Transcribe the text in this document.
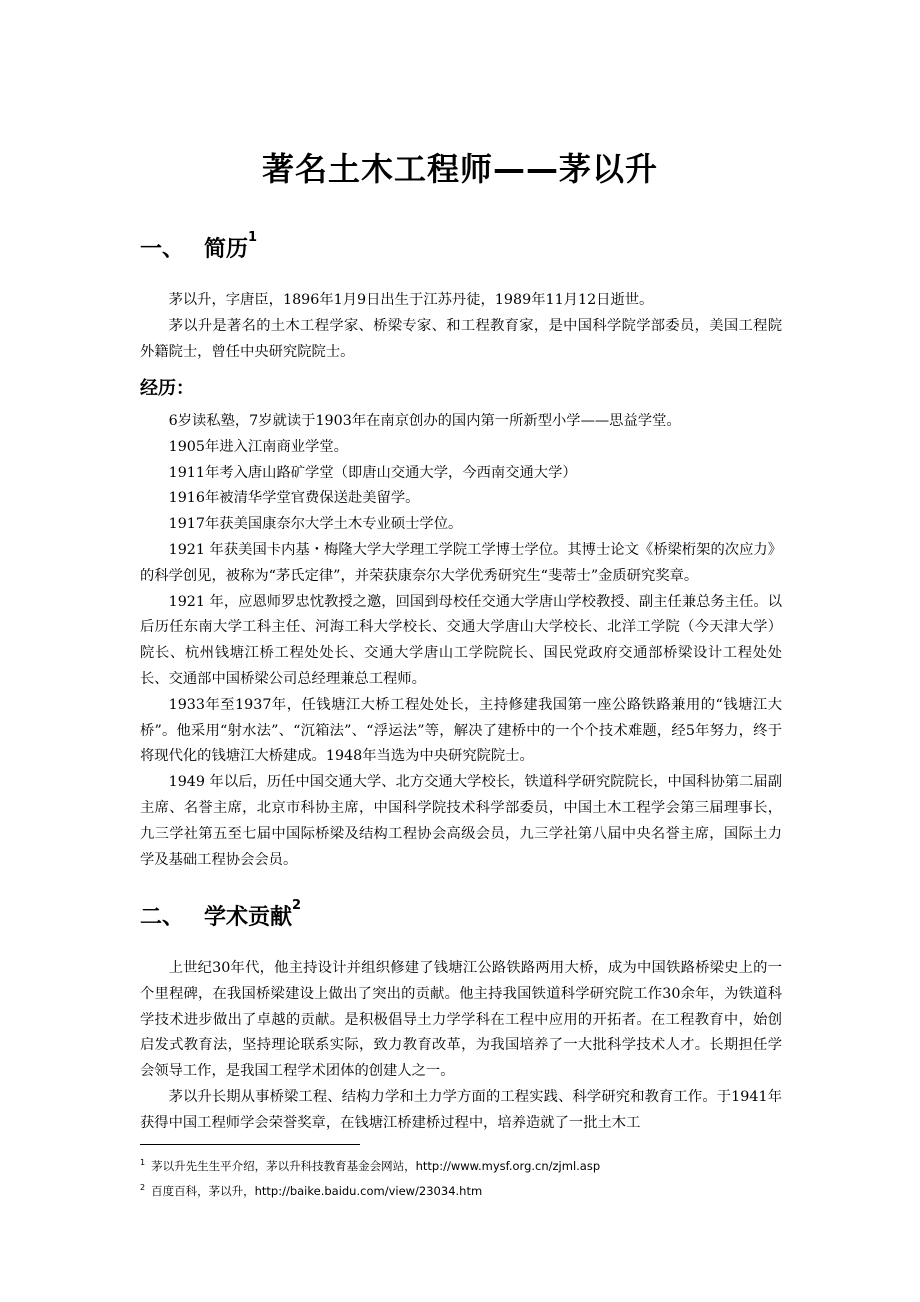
著名土木工程师——茅以升
一、 简历$^1$

茅以升，字唐臣，1896年1月9日出生于江苏丹徒，1989年11月12日逝世。

茅以升是著名的土木工程学家、桥梁专家、和工程教育家，是中国科学院学部委员，美国工程院外籍院士，曾任中央研究院院士。

经历：

6岁读私塾，7岁就读于1903年在南京创办的国内第一所新型小学——思益学堂。

1905年进入江南商业学堂。

1911年考入唐山路矿学堂（即唐山交通大学，今西南交通大学）

1916年被清华学堂官费保送赴美留学。

1917年获美国康奈尔大学土木专业硕士学位。

1921 年获美国卡内基・梅隆大学大学理工学院工学博士学位。其博士论文《桥梁桁架的次应力》的科学创见，被称为“茅氏定律”，并荣获康奈尔大学优秀研究生“斐蒂士”金质研究奖章。

1921 年，应恩师罗忠忱教授之邀，回国到母校任交通大学唐山学校教授、副主任兼总务主任。以后历任东南大学工科主任、河海工科大学校长、交通大学唐山大学校长、北洋工学院（今天津大学）院长、杭州钱塘江桥工程处处长、交通大学唐山工学院院长、国民党政府交通部桥梁设计工程处处长、交通部中国桥梁公司总经理兼总工程师。

1933年至1937年，任钱塘江大桥工程处处长，主持修建我国第一座公路铁路兼用的“钱塘江大桥”。他采用“射水法”、“沉箱法”、“浮运法”等，解决了建桥中的一个个技术难题，经5年努力，终于将现代化的钱塘江大桥建成。1948年当选为中央研究院院士。

1949 年以后，历任中国交通大学、北方交通大学校长，铁道科学研究院院长，中国科协第二届副主席、名誉主席，北京市科协主席，中国科学院技术科学部委员，中国土木工程学会第三届理事长，九三学社第五至七届中国际桥梁及结构工程协会高级会员，九三学社第八届中央名誉主席，国际土力学及基础工程协会会员。

二、 学术贡献$^2$

上世纪30年代，他主持设计并组织修建了钱塘江公路铁路两用大桥，成为中国铁路桥梁史上的一个里程碑，在我国桥梁建设上做出了突出的贡献。他主持我国铁道科学研究院工作30余年，为铁道科学技术进步做出了卓越的贡献。是积极倡导土力学学科在工程中应用的开拓者。在工程教育中，始创启发式教育法，坚持理论联系实际，致力教育改革，为我国培养了一大批科学技术人才。长期担任学会领导工作，是我国工程学术团体的创建人之一。

茅以升长期从事桥梁工程、结构力学和土力学方面的工程实践、科学研究和教育工作。于1941年获得中国工程师学会荣誉奖章，在钱塘江桥建桥过程中，培养造就了一批土木工

$^1$ 茅以升先生生平介绍，茅以升科技教育基金会网站，http://www.mysf.org.cn/zjml.asp
$^2$ 百度百科，茅以升，http://baike.baidu.com/view/23034.htm
